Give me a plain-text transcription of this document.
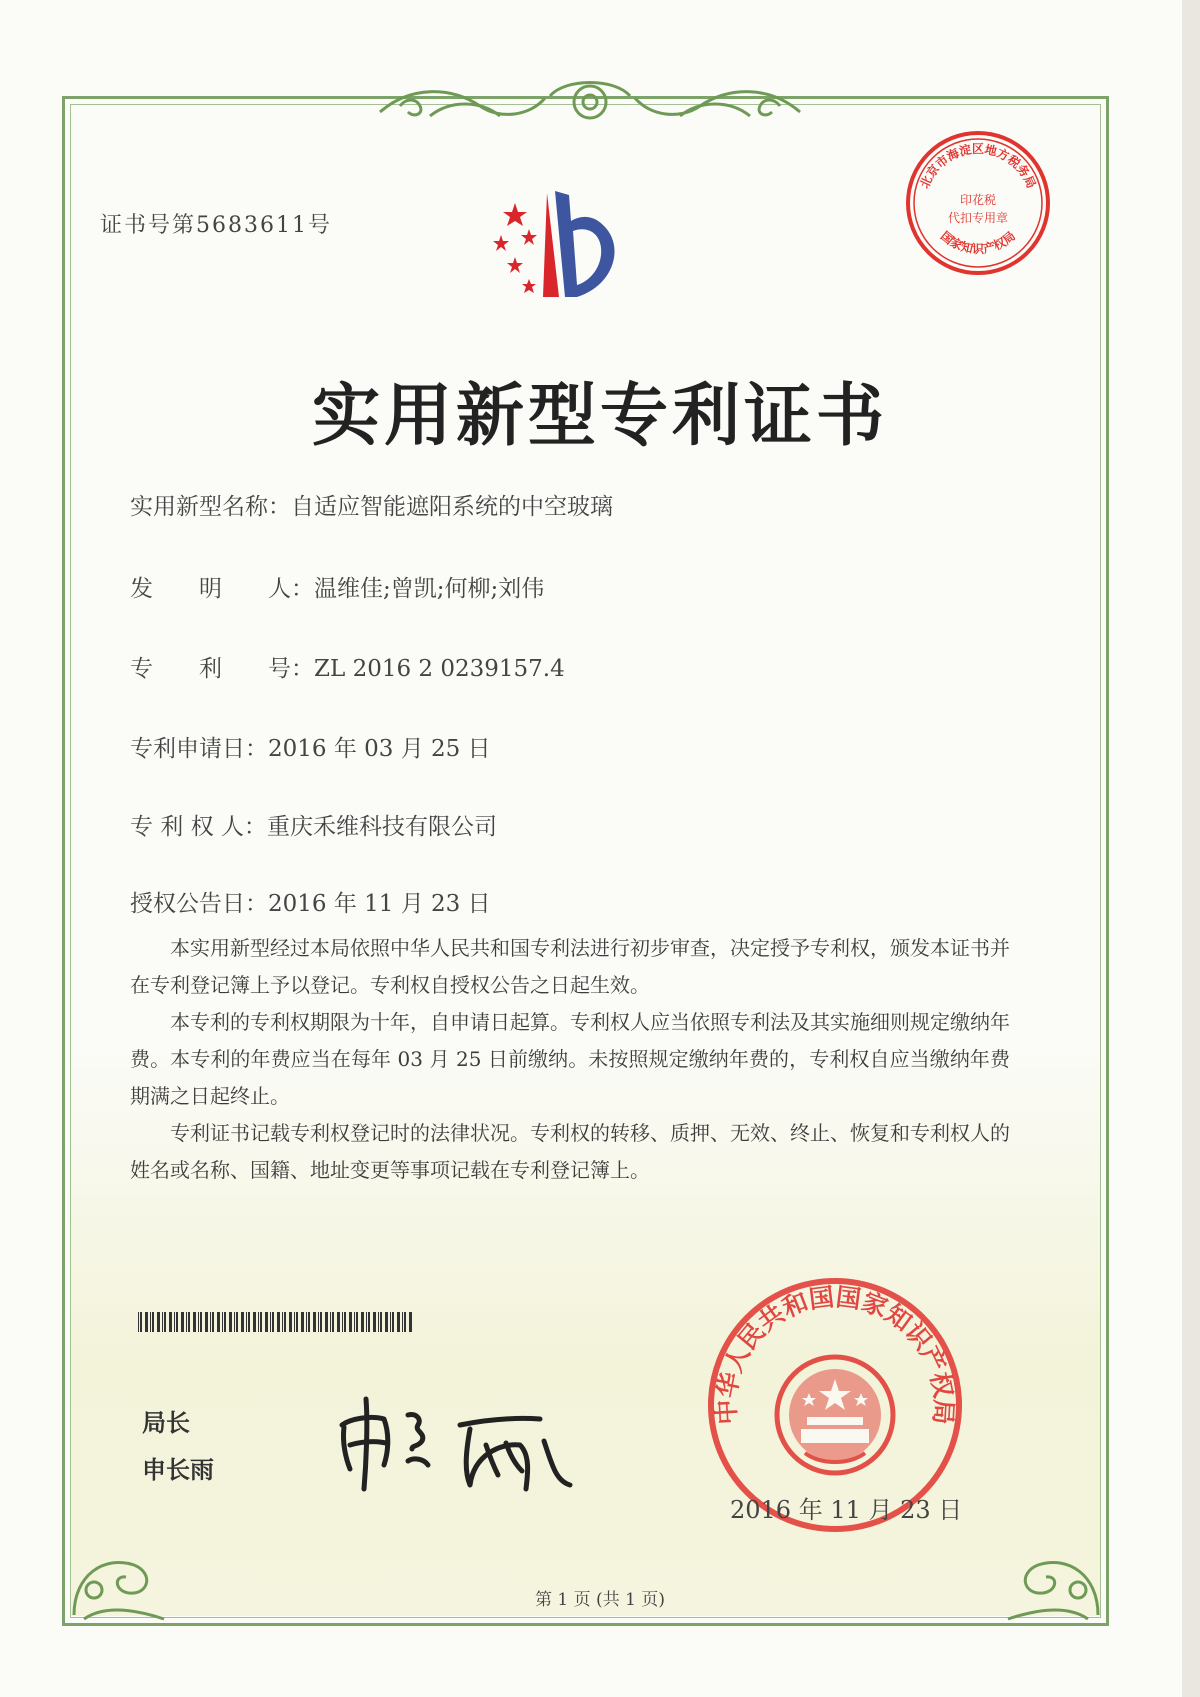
证书号第5683611号
北京市海淀区地方税务局
印花税
代扣专用章
国家知识产权局
实用新型专利证书
实用新型名称：自适应智能遮阳系统的中空玻璃
发　　明　　人：温维佳;曾凯;何柳;刘伟
专　　利　　号：ZL 2016 2 0239157.4
专利申请日：2016 年 03 月 25 日
专 利 权 人：重庆禾维科技有限公司
授权公告日：2016 年 11 月 23 日

本实用新型经过本局依照中华人民共和国专利法进行初步审查，决定授予专利权，颁发本证书并在专利登记簿上予以登记。专利权自授权公告之日起生效。

本专利的专利权期限为十年，自申请日起算。专利权人应当依照专利法及其实施细则规定缴纳年费。本专利的年费应当在每年 03 月 25 日前缴纳。未按照规定缴纳年费的，专利权自应当缴纳年费期满之日起终止。

专利证书记载专利权登记时的法律状况。专利权的转移、质押、无效、终止、恢复和专利权人的姓名或名称、国籍、地址变更等事项记载在专利登记簿上。

局长
申长雨
中华人民共和国国家知识产权局
2016 年 11 月 23 日
第 1 页 (共 1 页)
